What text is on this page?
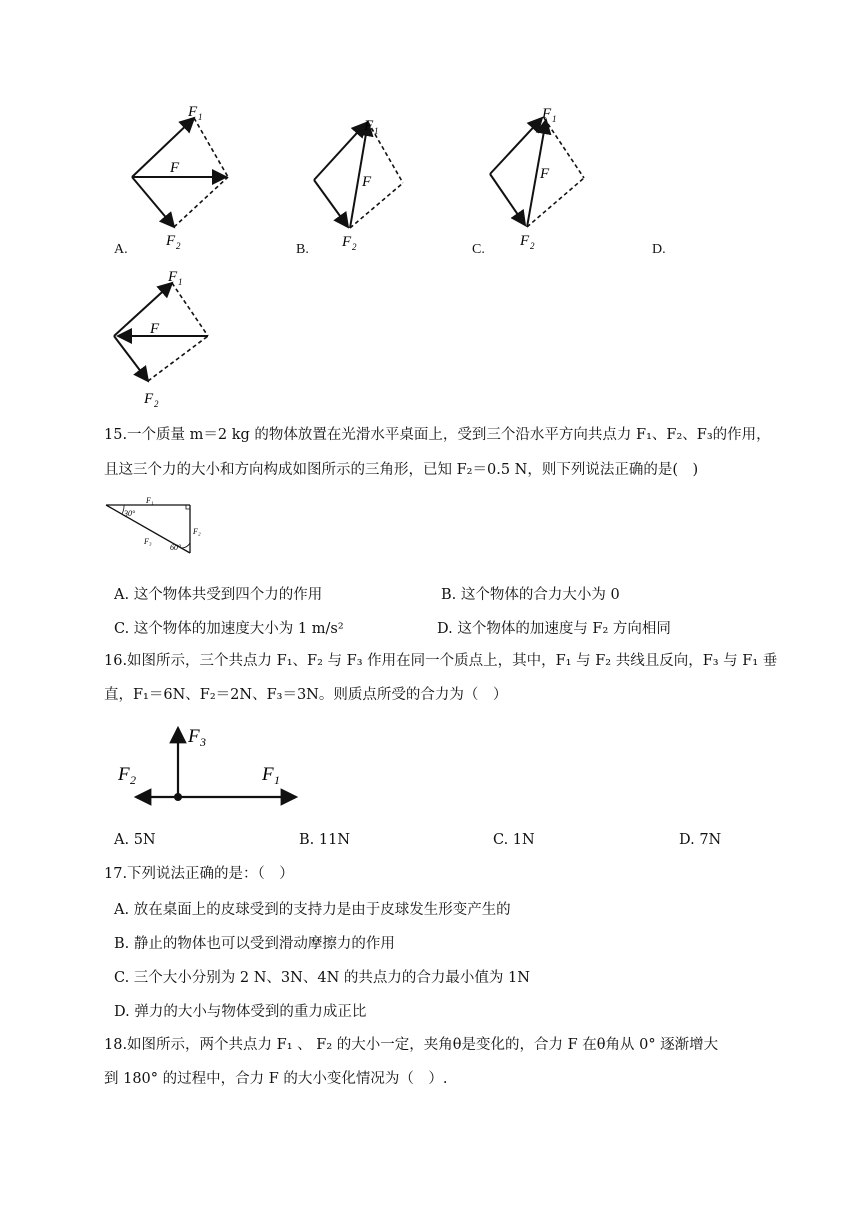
F 1
F
F 2
A.
F 1
F
F 2
B.
F 1
F
F 2
C.	D.
F 1
F
F 2
15.一个质量 m＝2 kg 的物体放置在光滑水平桌面上，受到三个沿水平方向共点力 F₁、F₂、F₃的作用，
且这三个力的大小和方向构成如图所示的三角形，已知 F₂＝0.5 N，则下列说法正确的是(　)
F₁
30°
F₂
F₃
60°
A. 这个物体共受到四个力的作用	B. 这个物体的合力大小为 0
C. 这个物体的加速度大小为 1 m/s²	D. 这个物体的加速度与 F₂ 方向相同
16.如图所示，三个共点力 F₁、F₂ 与 F₃ 作用在同一个质点上，其中，F₁ 与 F₂ 共线且反向，F₃ 与 F₁ 垂
直，F₁＝6N、F₂＝2N、F₃＝3N。则质点所受的合力为（　）
F 3
F 2	F 1
A. 5N	B. 11N	C. 1N	D. 7N
17.下列说法正确的是：（　）
A. 放在桌面上的皮球受到的支持力是由于皮球发生形变产生的
B. 静止的物体也可以受到滑动摩擦力的作用
C. 三个大小分别为 2 N、3N、4N 的共点力的合力最小值为 1N
D. 弹力的大小与物体受到的重力成正比
18.如图所示，两个共点力 F₁ 、 F₂ 的大小一定，夹角θ是变化的，合力 F 在θ角从 0° 逐渐增大
到 180° 的过程中，合力 F 的大小变化情况为（　）.
